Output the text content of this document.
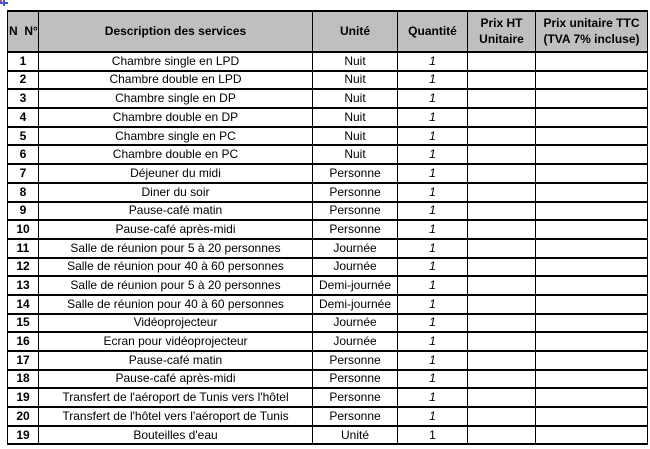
N  N°	Description des services	Unité	Quantité	Prix HT Unitaire	Prix unitaire TTC (TVA 7% incluse)
1	Chambre single en LPD	Nuit	1		
2	Chambre double en LPD	Nuit	1		
3	Chambre single en DP	Nuit	1		
4	Chambre double en DP	Nuit	1		
5	Chambre single en PC	Nuit	1		
6	Chambre double en PC	Nuit	1		
7	Déjeuner du midi	Personne	1		
8	Diner du soir	Personne	1		
9	Pause-café matin	Personne	1		
10	Pause-café après-midi	Personne	1		
11	Salle de réunion pour 5 à 20 personnes	Journée	1		
12	Salle de réunion pour 40 à 60 personnes	Journée	1		
13	Salle de réunion pour 5 à 20 personnes	Demi-journée	1		
14	Salle de réunion pour 40 à 60 personnes	Demi-journée	1		
15	Vidéoprojecteur	Journée	1		
16	Ecran pour vidéoprojecteur	Journée	1		
17	Pause-café matin	Personne	1		
18	Pause-café après-midi	Personne	1		
19	Transfert de l'aéroport de Tunis vers l'hôtel	Personne	1		
20	Transfert de l'hôtel vers l'aéroport de Tunis	Personne	1		
19	Bouteilles d'eau	Unité	1		
